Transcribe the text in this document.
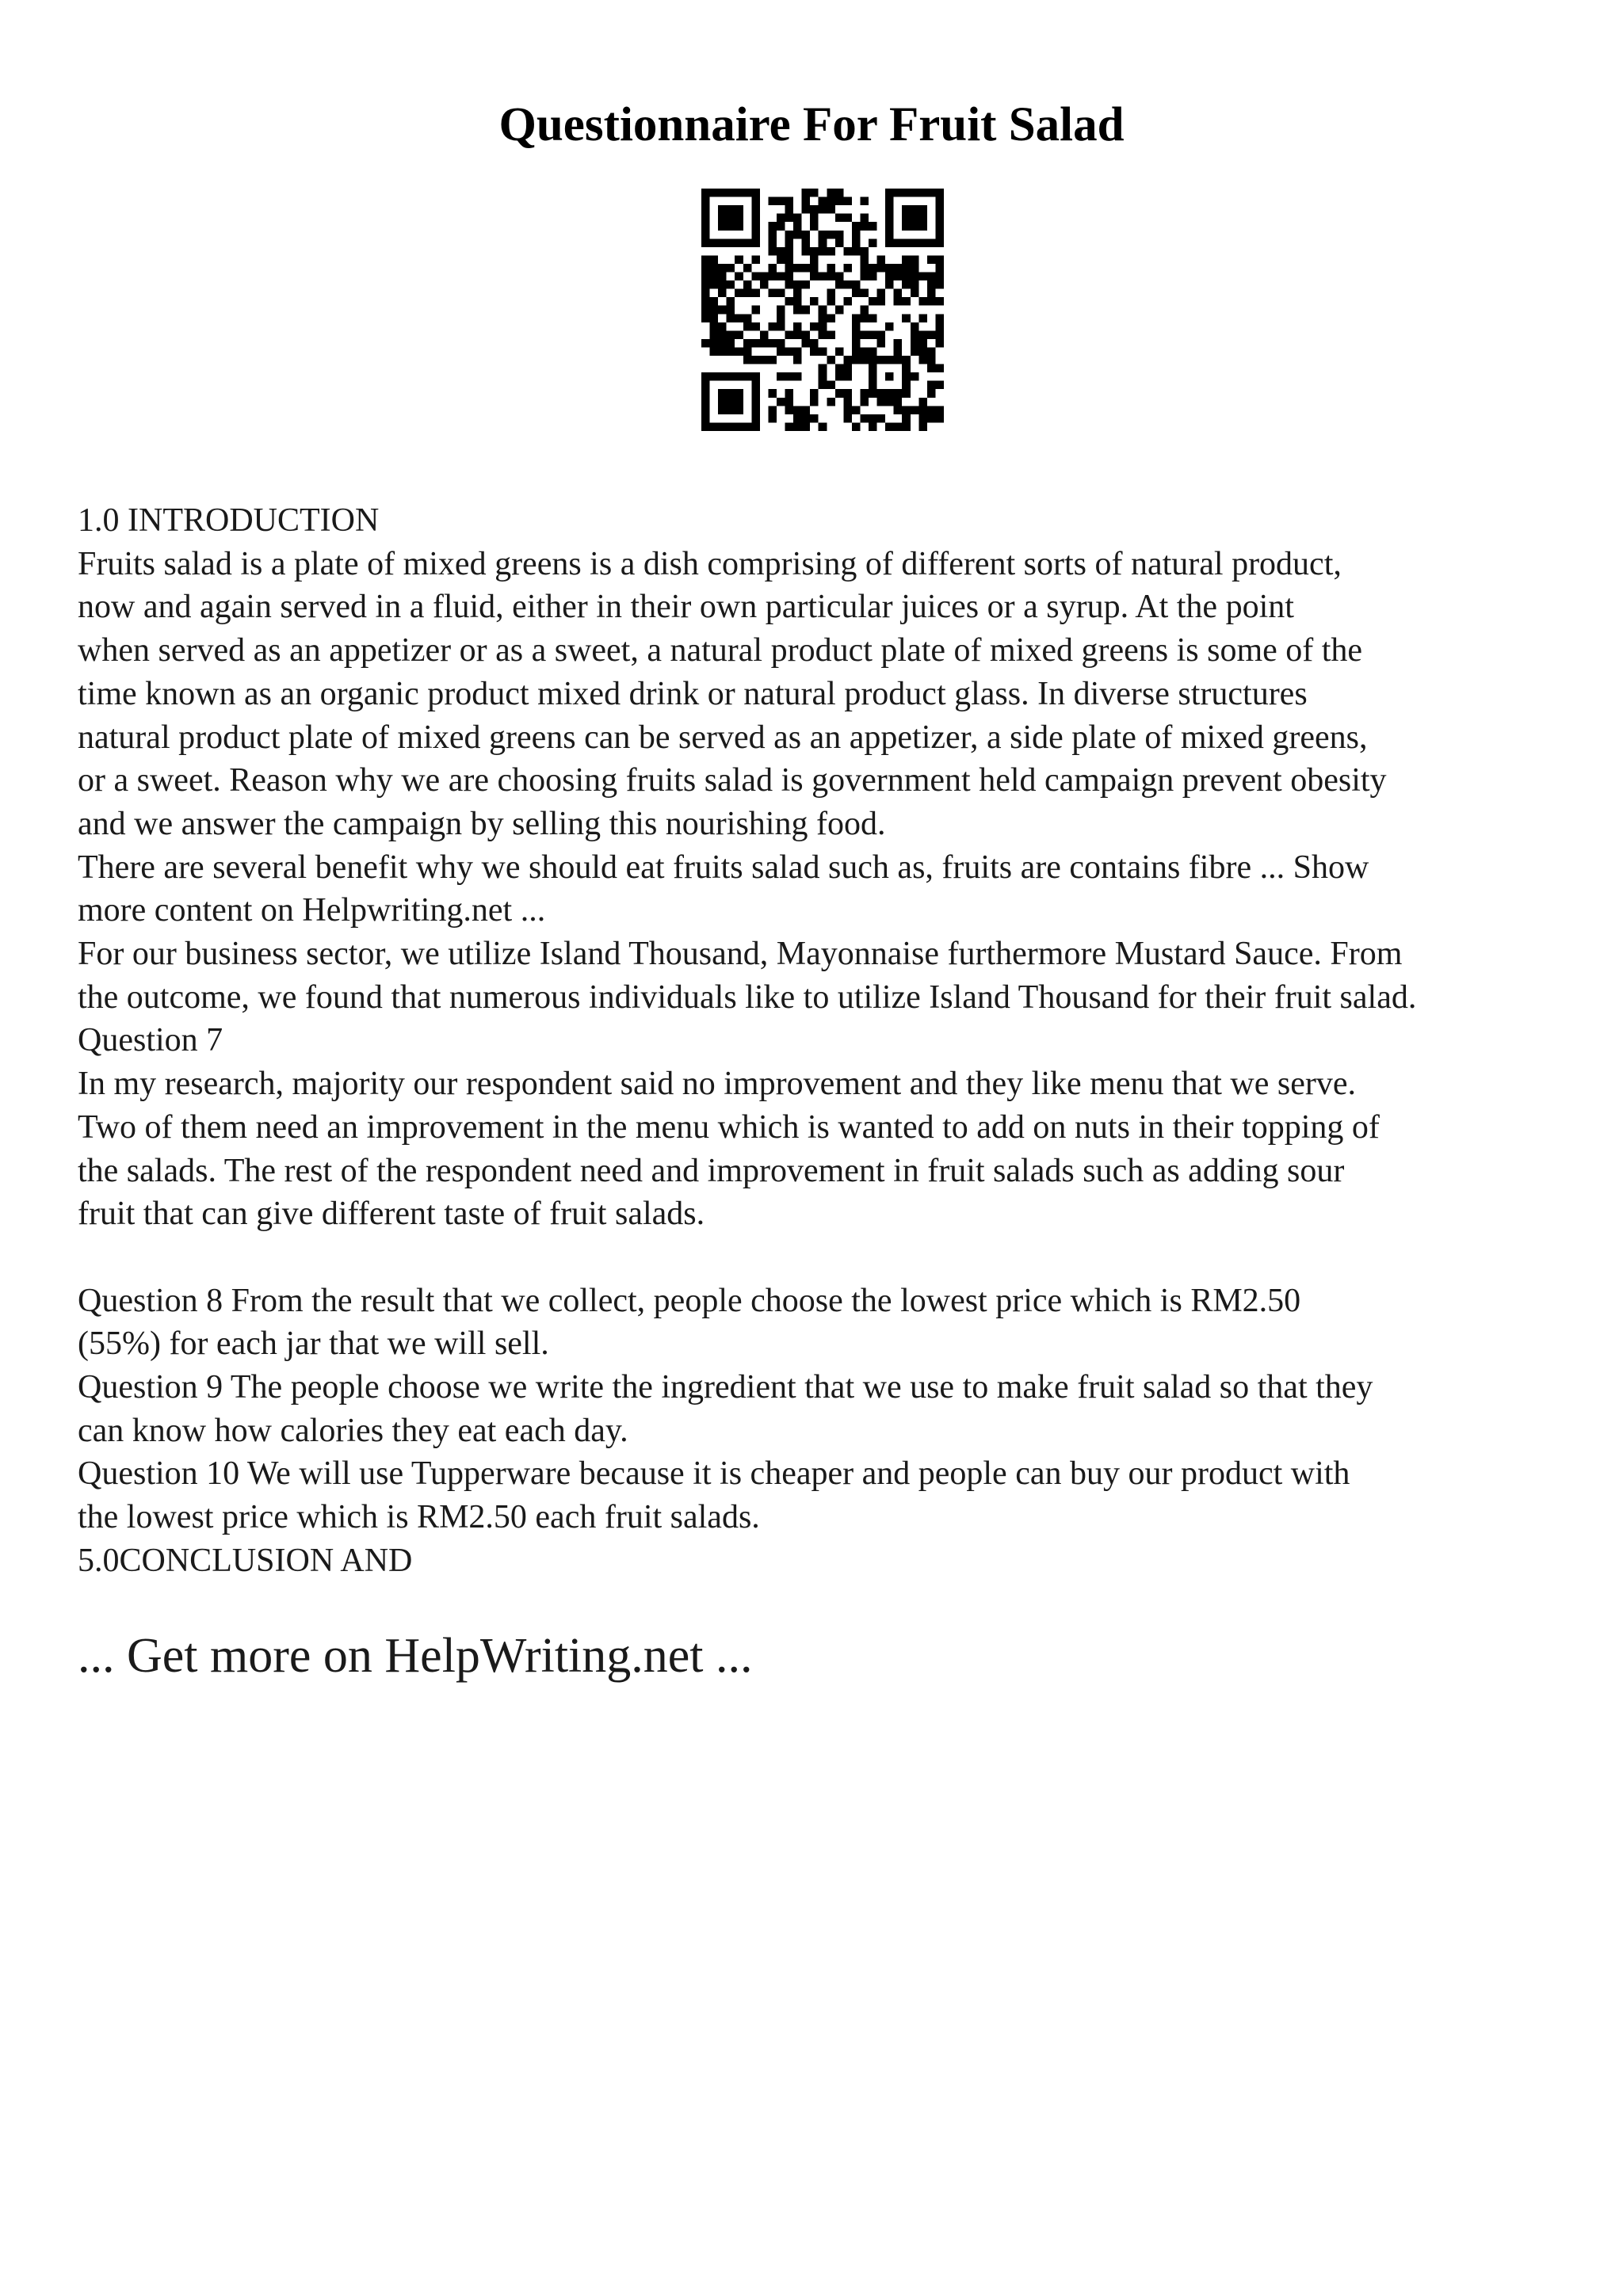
Questionnaire For Fruit Salad
1.0 INTRODUCTION
Fruits salad is a plate of mixed greens is a dish comprising of different sorts of natural product,
now and again served in a fluid, either in their own particular juices or a syrup. At the point
when served as an appetizer or as a sweet, a natural product plate of mixed greens is some of the
time known as an organic product mixed drink or natural product glass. In diverse structures
natural product plate of mixed greens can be served as an appetizer, a side plate of mixed greens,
or a sweet. Reason why we are choosing fruits salad is government held campaign prevent obesity
and we answer the campaign by selling this nourishing food.
There are several benefit why we should eat fruits salad such as, fruits are contains fibre ... Show
more content on Helpwriting.net ...
For our business sector, we utilize Island Thousand, Mayonnaise furthermore Mustard Sauce. From
the outcome, we found that numerous individuals like to utilize Island Thousand for their fruit salad.
Question 7
In my research, majority our respondent said no improvement and they like menu that we serve.
Two of them need an improvement in the menu which is wanted to add on nuts in their topping of
the salads. The rest of the respondent need and improvement in fruit salads such as adding sour
fruit that can give different taste of fruit salads.
Question 8 From the result that we collect, people choose the lowest price which is RM2.50
(55%) for each jar that we will sell.
Question 9 The people choose we write the ingredient that we use to make fruit salad so that they
can know how calories they eat each day.
Question 10 We will use Tupperware because it is cheaper and people can buy our product with
the lowest price which is RM2.50 each fruit salads.
5.0CONCLUSION AND

... Get more on HelpWriting.net ...
